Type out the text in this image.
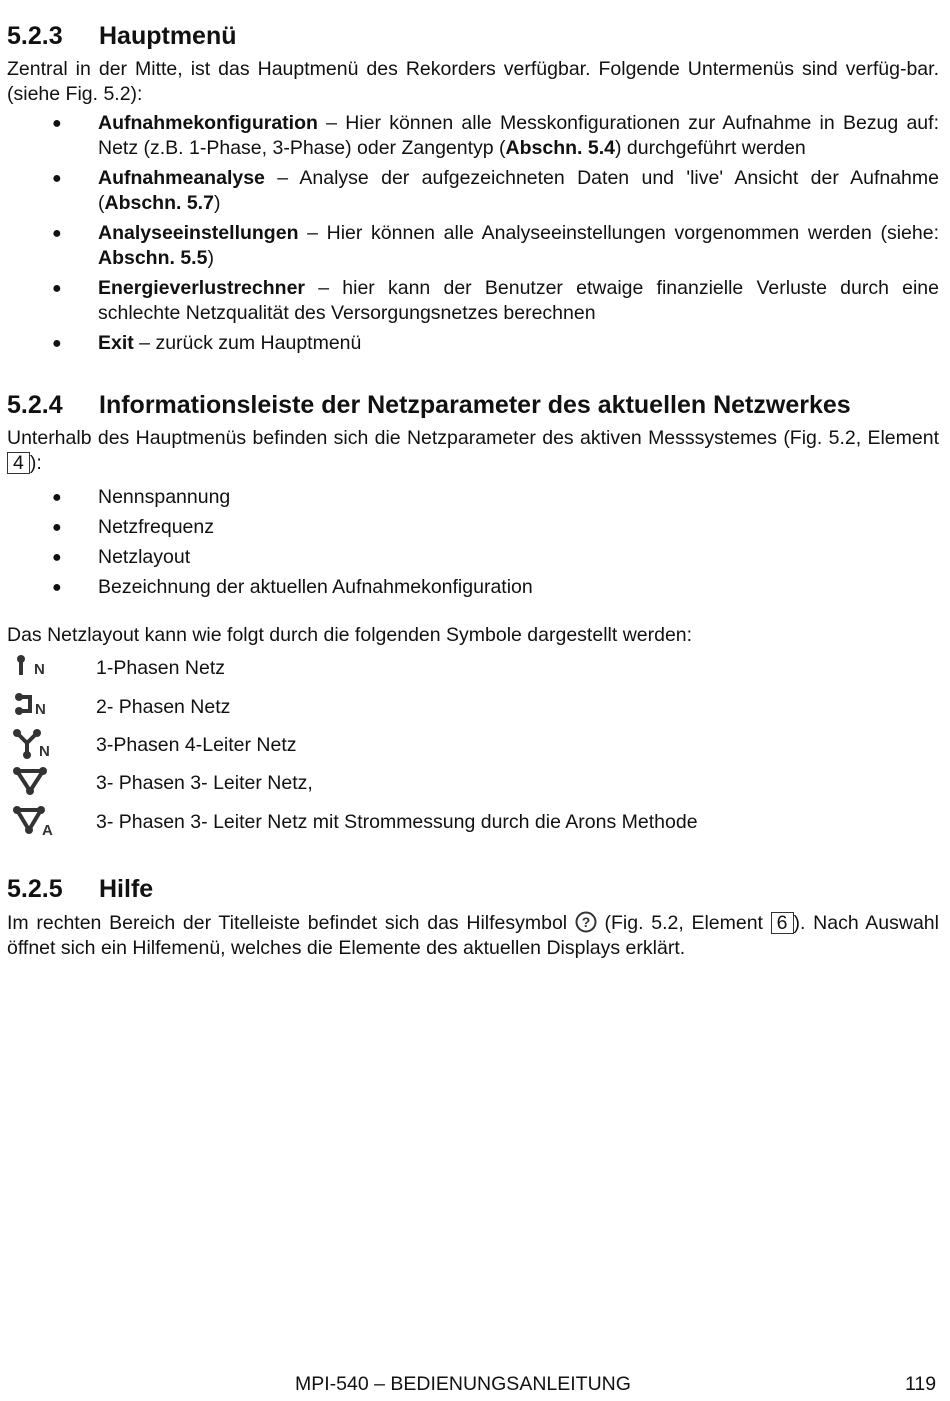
5.2.3 Hauptmenü

Zentral in der Mitte, ist das Hauptmenü des Rekorders verfügbar. Folgende Untermenüs sind verfüg-bar. (siehe Fig. 5.2):

● Aufnahmekonfiguration – Hier können alle Messkonfigurationen zur Aufnahme in Bezug auf: Netz (z.B. 1-Phase, 3-Phase) oder Zangentyp (Abschn. 5.4) durchgeführt werden
● Aufnahmeanalyse – Analyse der aufgezeichneten Daten und 'live' Ansicht der Aufnahme (Abschn. 5.7)
● Analyseeinstellungen – Hier können alle Analyseeinstellungen vorgenommen werden (siehe: Abschn. 5.5)
● Energieverlustrechner – hier kann der Benutzer etwaige finanzielle Verluste durch eine schlechte Netzqualität des Versorgungsnetzes berechnen
● Exit – zurück zum Hauptmenü
5.2.4 Informationsleiste der Netzparameter des aktuellen Netzwerkes

Unterhalb des Hauptmenüs befinden sich die Netzparameter des aktiven Messsystemes (Fig. 5.2, Element 4 ):

● Nennspannung
● Netzfrequenz
● Netzlayout
● Bezeichnung der aktuellen Aufnahmekonfiguration

Das Netzlayout kann wie folgt durch die folgenden Symbole dargestellt werden:

N	1-Phasen Netz
N	2- Phasen Netz
N 3-Phasen 4-Leiter Netz
3- Phasen 3- Leiter Netz,
A 3- Phasen 3- Leiter Netz mit Strommessung durch die Arons Methode
5.2.5 Hilfe

Im rechten Bereich der Titelleiste befindet sich das Hilfesymbol ? (Fig. 5.2, Element 6 ). Nach Auswahl öffnet sich ein Hilfemenü, welches die Elemente des aktuellen Displays erklärt.

MPI-540 – BEDIENUNGSANLEITUNG	119
